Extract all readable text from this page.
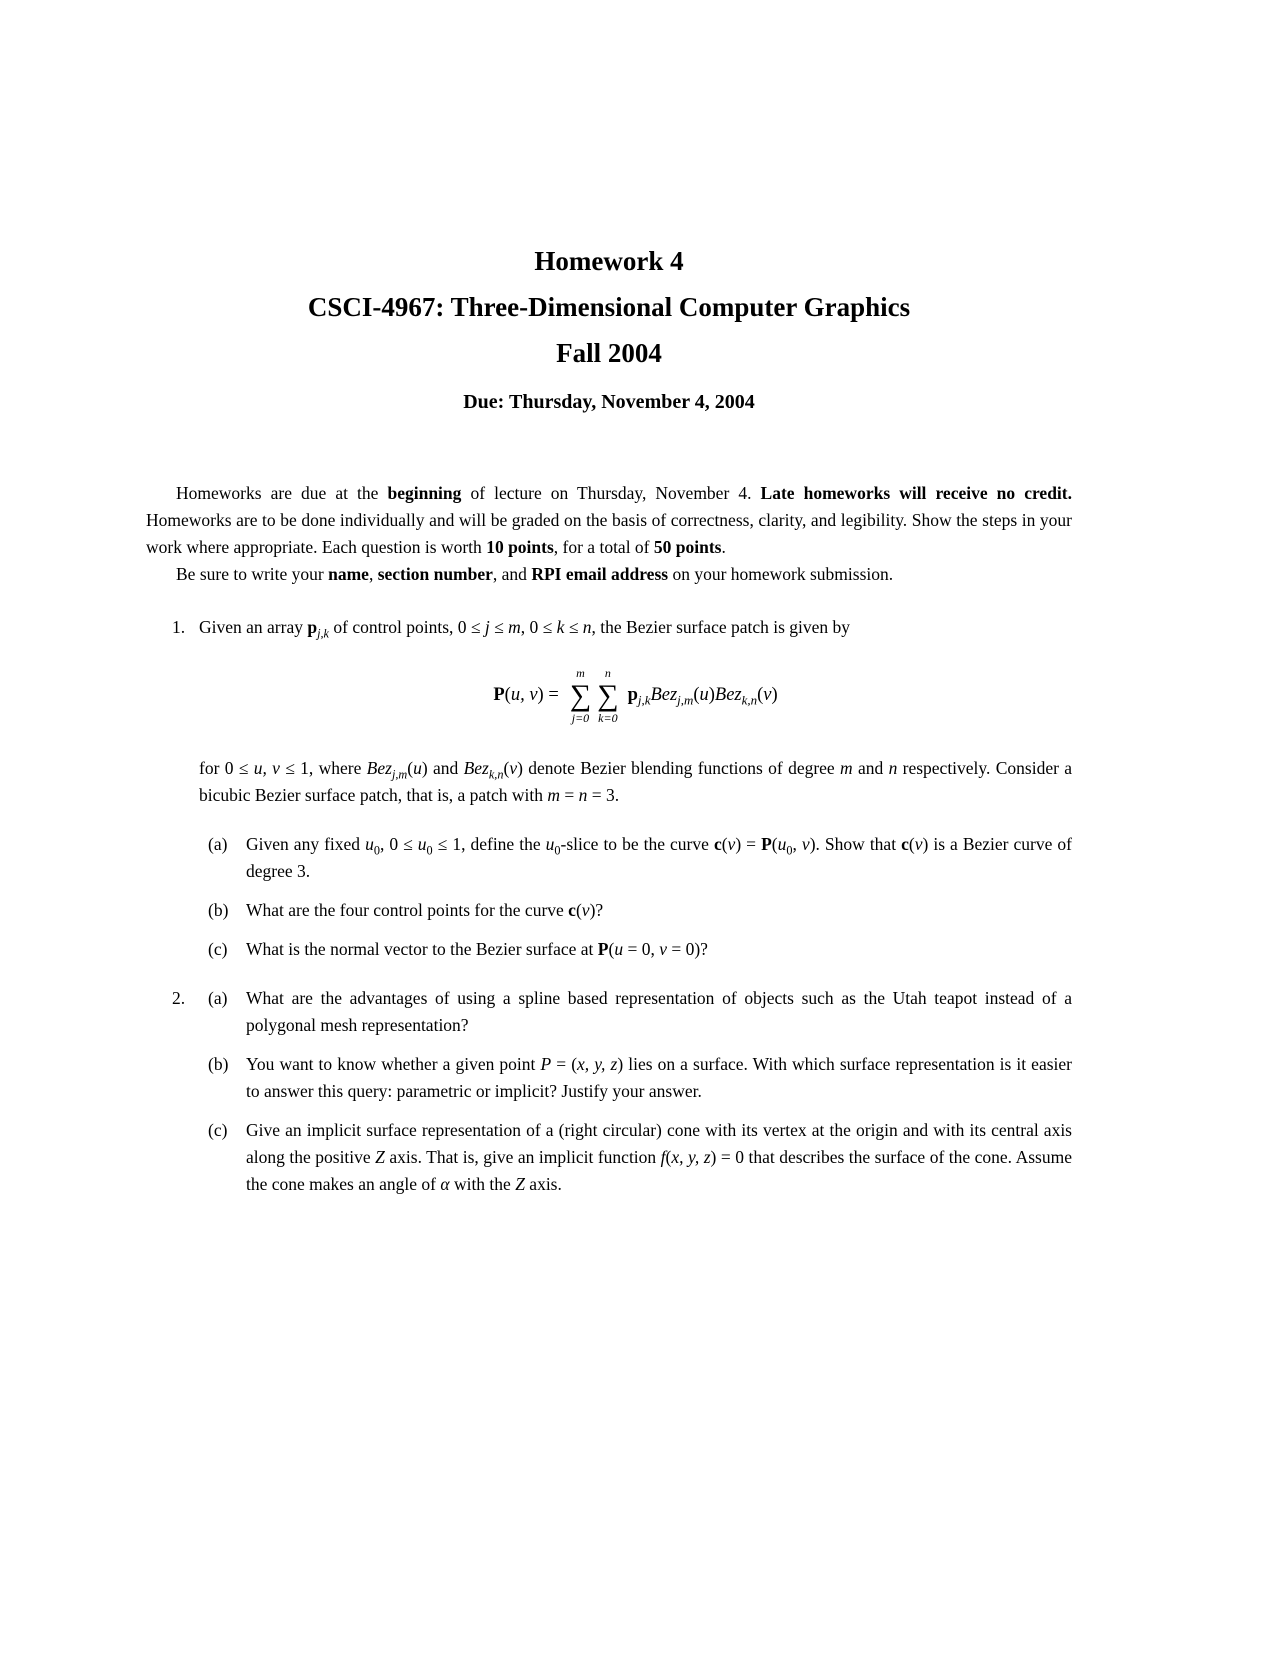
Homework 4
CSCI-4967: Three-Dimensional Computer Graphics
Fall 2004
Due: Thursday, November 4, 2004

Homeworks are due at the beginning of lecture on Thursday, November 4. Late homeworks will receive no credit. Homeworks are to be done individually and will be graded on the basis of correctness, clarity, and legibility. Show the steps in your work where appropriate. Each question is worth 10 points, for a total of 50 points.

Be sure to write your name, section number, and RPI email address on your homework submission.

1. Given an array $p_{j,k}$ of control points, 0 ≤ j ≤ m, 0 ≤ k ≤ n, the Bezier surface patch is given by

P(u, v) =
m
∑
j=0
n
∑
k=0
$p_{j,k}Bez_{j,m}(u)Bez_{k,n}(v)$

for 0 ≤ u, v ≤ 1, where Bez$_{j,m}$(u) and Bez$_{k,n}$(v) denote Bezier blending functions of degree m and n respectively. Consider a bicubic Bezier surface patch, that is, a patch with m = n = 3.

(a)	Given any fixed $u_0$, $0 \le u_0 \le 1$, define the $u_0$-slice to be the curve $c(v) = P(u_0$, v). Show that c(v) is a Bezier curve of degree 3.
(b)	What are the four control points for the curve c(v)?
(c)	What is the normal vector to the Bezier surface at P(u = 0, v = 0)?
2.	(a)	What are the advantages of using a spline based representation of objects such as the Utah teapot instead of a polygonal mesh representation?
(b)	You want to know whether a given point P = (x, y, z) lies on a surface. With which surface representation is it easier to answer this query: parametric or implicit? Justify your answer.
(c)	Give an implicit surface representation of a (right circular) cone with its vertex at the origin and with its central axis along the positive Z axis. That is, give an implicit function f(x, y, z) = 0 that describes the surface of the cone. Assume the cone makes an angle of α with the Z axis.
